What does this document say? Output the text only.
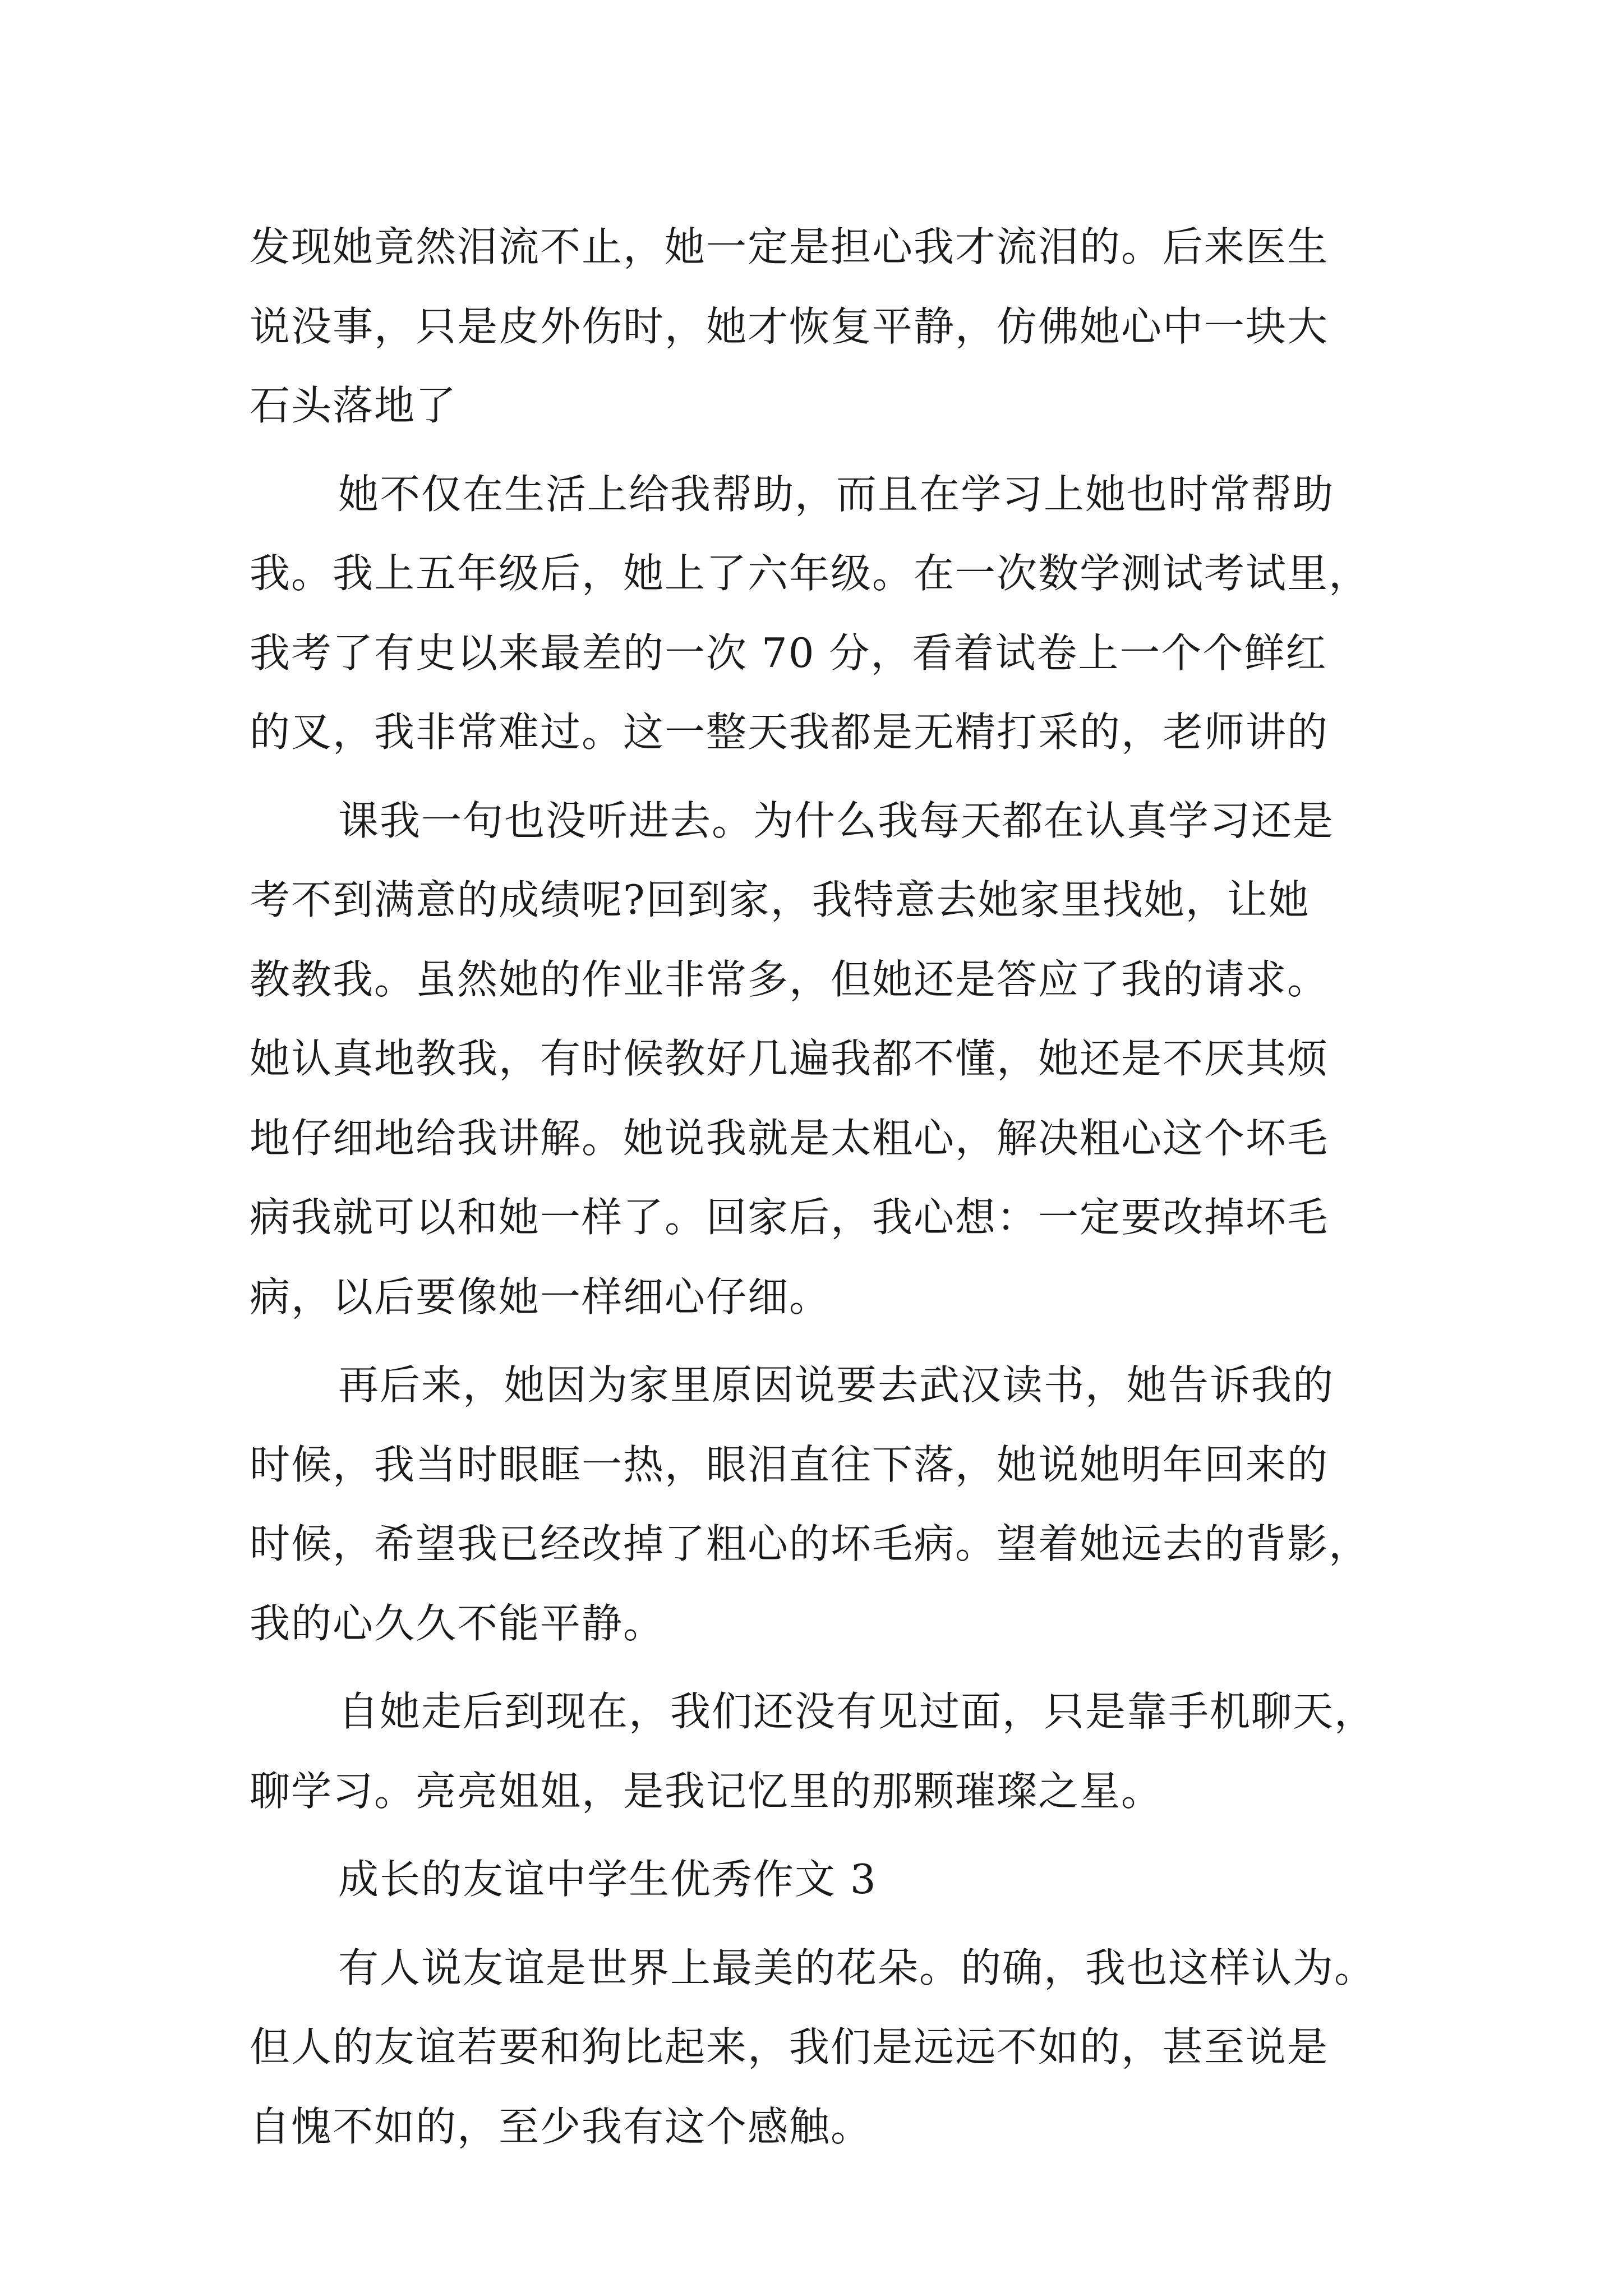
发现她竟然泪流不止，她一定是担心我才流泪的。后来医生
说没事，只是皮外伤时，她才恢复平静，仿佛她心中一块大
石头落地了
她不仅在生活上给我帮助，而且在学习上她也时常帮助
我。我上五年级后，她上了六年级。在一次数学测试考试里，
我考了有史以来最差的一次 70 分，看着试卷上一个个鲜红
的叉，我非常难过。这一整天我都是无精打采的，老师讲的
课我一句也没听进去。为什么我每天都在认真学习还是
考不到满意的成绩呢?回到家，我特意去她家里找她，让她
教教我。虽然她的作业非常多，但她还是答应了我的请求。
她认真地教我，有时候教好几遍我都不懂，她还是不厌其烦
地仔细地给我讲解。她说我就是太粗心，解决粗心这个坏毛
病我就可以和她一样了。回家后，我心想：一定要改掉坏毛
病，以后要像她一样细心仔细。
再后来，她因为家里原因说要去武汉读书，她告诉我的
时候，我当时眼眶一热，眼泪直往下落，她说她明年回来的
时候，希望我已经改掉了粗心的坏毛病。望着她远去的背影，
我的心久久不能平静。
自她走后到现在，我们还没有见过面，只是靠手机聊天，
聊学习。亮亮姐姐，是我记忆里的那颗璀璨之星。
成长的友谊中学生优秀作文 3
有人说友谊是世界上最美的花朵。的确，我也这样认为。
但人的友谊若要和狗比起来，我们是远远不如的，甚至说是
自愧不如的，至少我有这个感触。
